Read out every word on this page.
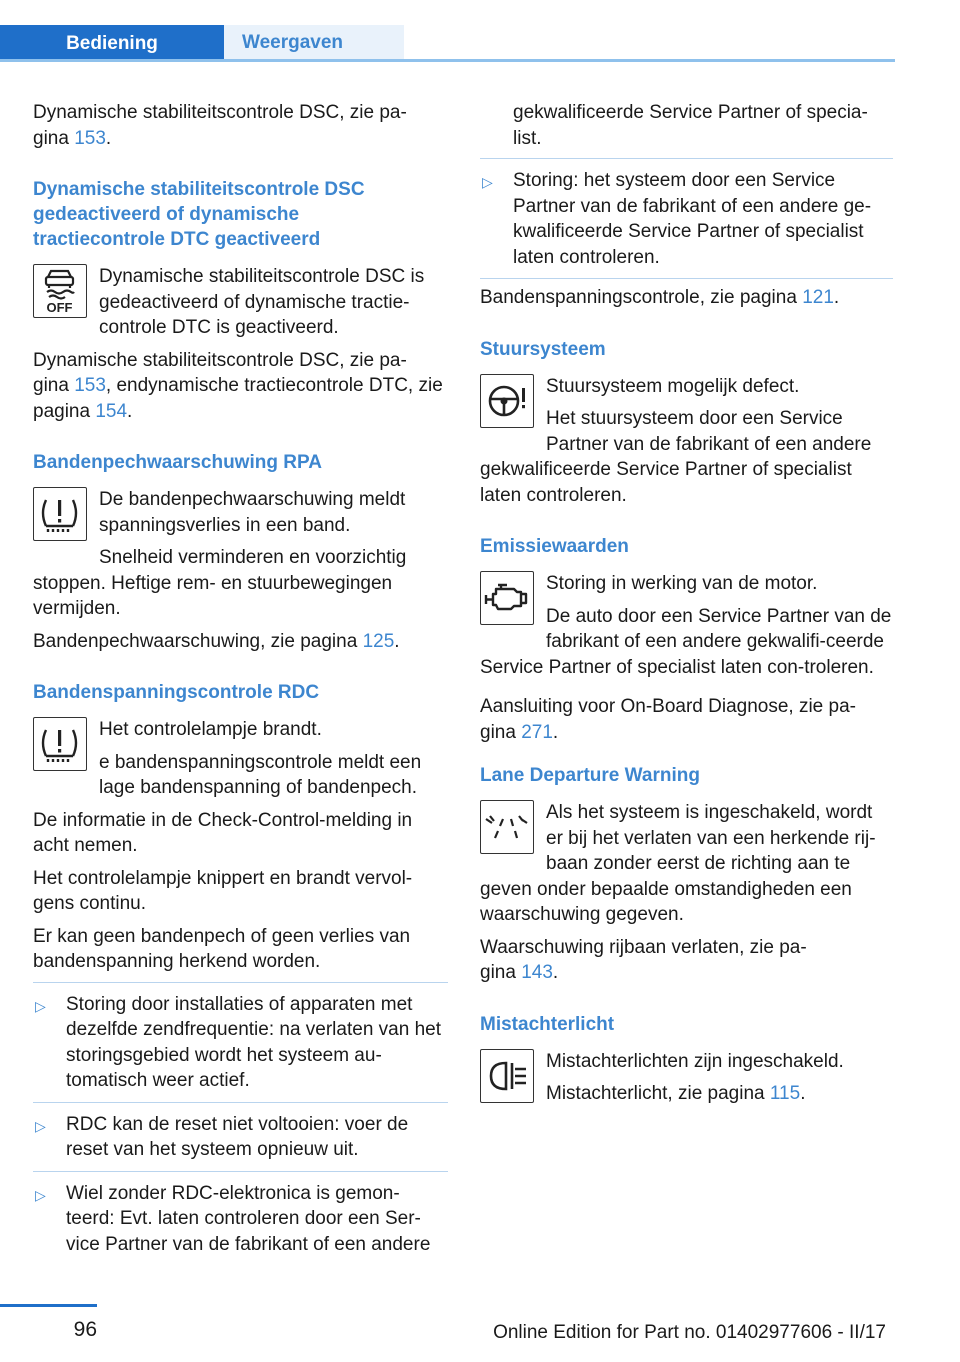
Bediening	Weergaven

Dynamische stabiliteitscontrole DSC, zie pa-
gina 153.

Dynamische stabiliteitscontrole DSC gedeactiveerd of dynamische tractiecontrole DTC geactiveerd
OFF

Dynamische stabiliteitscontrole DSC is gedeactiveerd of dynamische tractie-controle DTC is geactiveerd.

Dynamische stabiliteitscontrole DSC, zie pa-
gina 153, endynamische tractiecontrole DTC, zie pagina 154.

Bandenpechwaarschuwing RPA

De bandenpechwaarschuwing meldt spanningsverlies in een band.

Snelheid verminderen en voorzichtig stoppen. Heftige rem- en stuurbewegingen vermijden.

Bandenpechwaarschuwing, zie pagina 125.

Bandenspanningscontrole RDC

Het controlelampje brandt.

e bandenspanningscontrole meldt een lage bandenspanning of bandenpech.

De informatie in de Check-Control-melding in acht nemen.

Het controlelampje knippert en brandt vervol-gens continu.

Er kan geen bandenpech of geen verlies van bandenspanning herkend worden.

▷ Storing door installaties of apparaten met dezelfde zendfrequentie: na verlaten van het storingsgebied wordt het systeem au-tomatisch weer actief.
▷ RDC kan de reset niet voltooien: voer de reset van het systeem opnieuw uit.
▷ Wiel zonder RDC-elektronica is gemon-teerd: Evt. laten controleren door een Ser-vice Partner van de fabrikant of een andere

gekwalificeerde Service Partner of specia-list.

▷ Storing: het systeem door een Service Partner van de fabrikant of een andere ge-kwalificeerde Service Partner of specialist laten controleren.

Bandenspanningscontrole, zie pagina 121.

Stuursysteem

Stuursysteem mogelijk defect.

Het stuursysteem door een Service Partner van de fabrikant of een andere gekwalificeerde Service Partner of specialist laten controleren.

Emissiewaarden

Storing in werking van de motor.

De auto door een Service Partner van de fabrikant of een andere gekwalifi-ceerde Service Partner of specialist laten con-troleren.

Aansluiting voor On-Board Diagnose, zie pa-
gina 271.

Lane Departure Warning

Als het systeem is ingeschakeld, wordt er bij het verlaten van een herkende rij-baan zonder eerst de richting aan te geven onder bepaalde omstandigheden een waarschuwing gegeven.

Waarschuwing rijbaan verlaten, zie pa-
gina 143.

Mistachterlicht

Mistachterlichten zijn ingeschakeld.

Mistachterlicht, zie pagina 115.

96	Online Edition for Part no. 01402977606 - II/17
